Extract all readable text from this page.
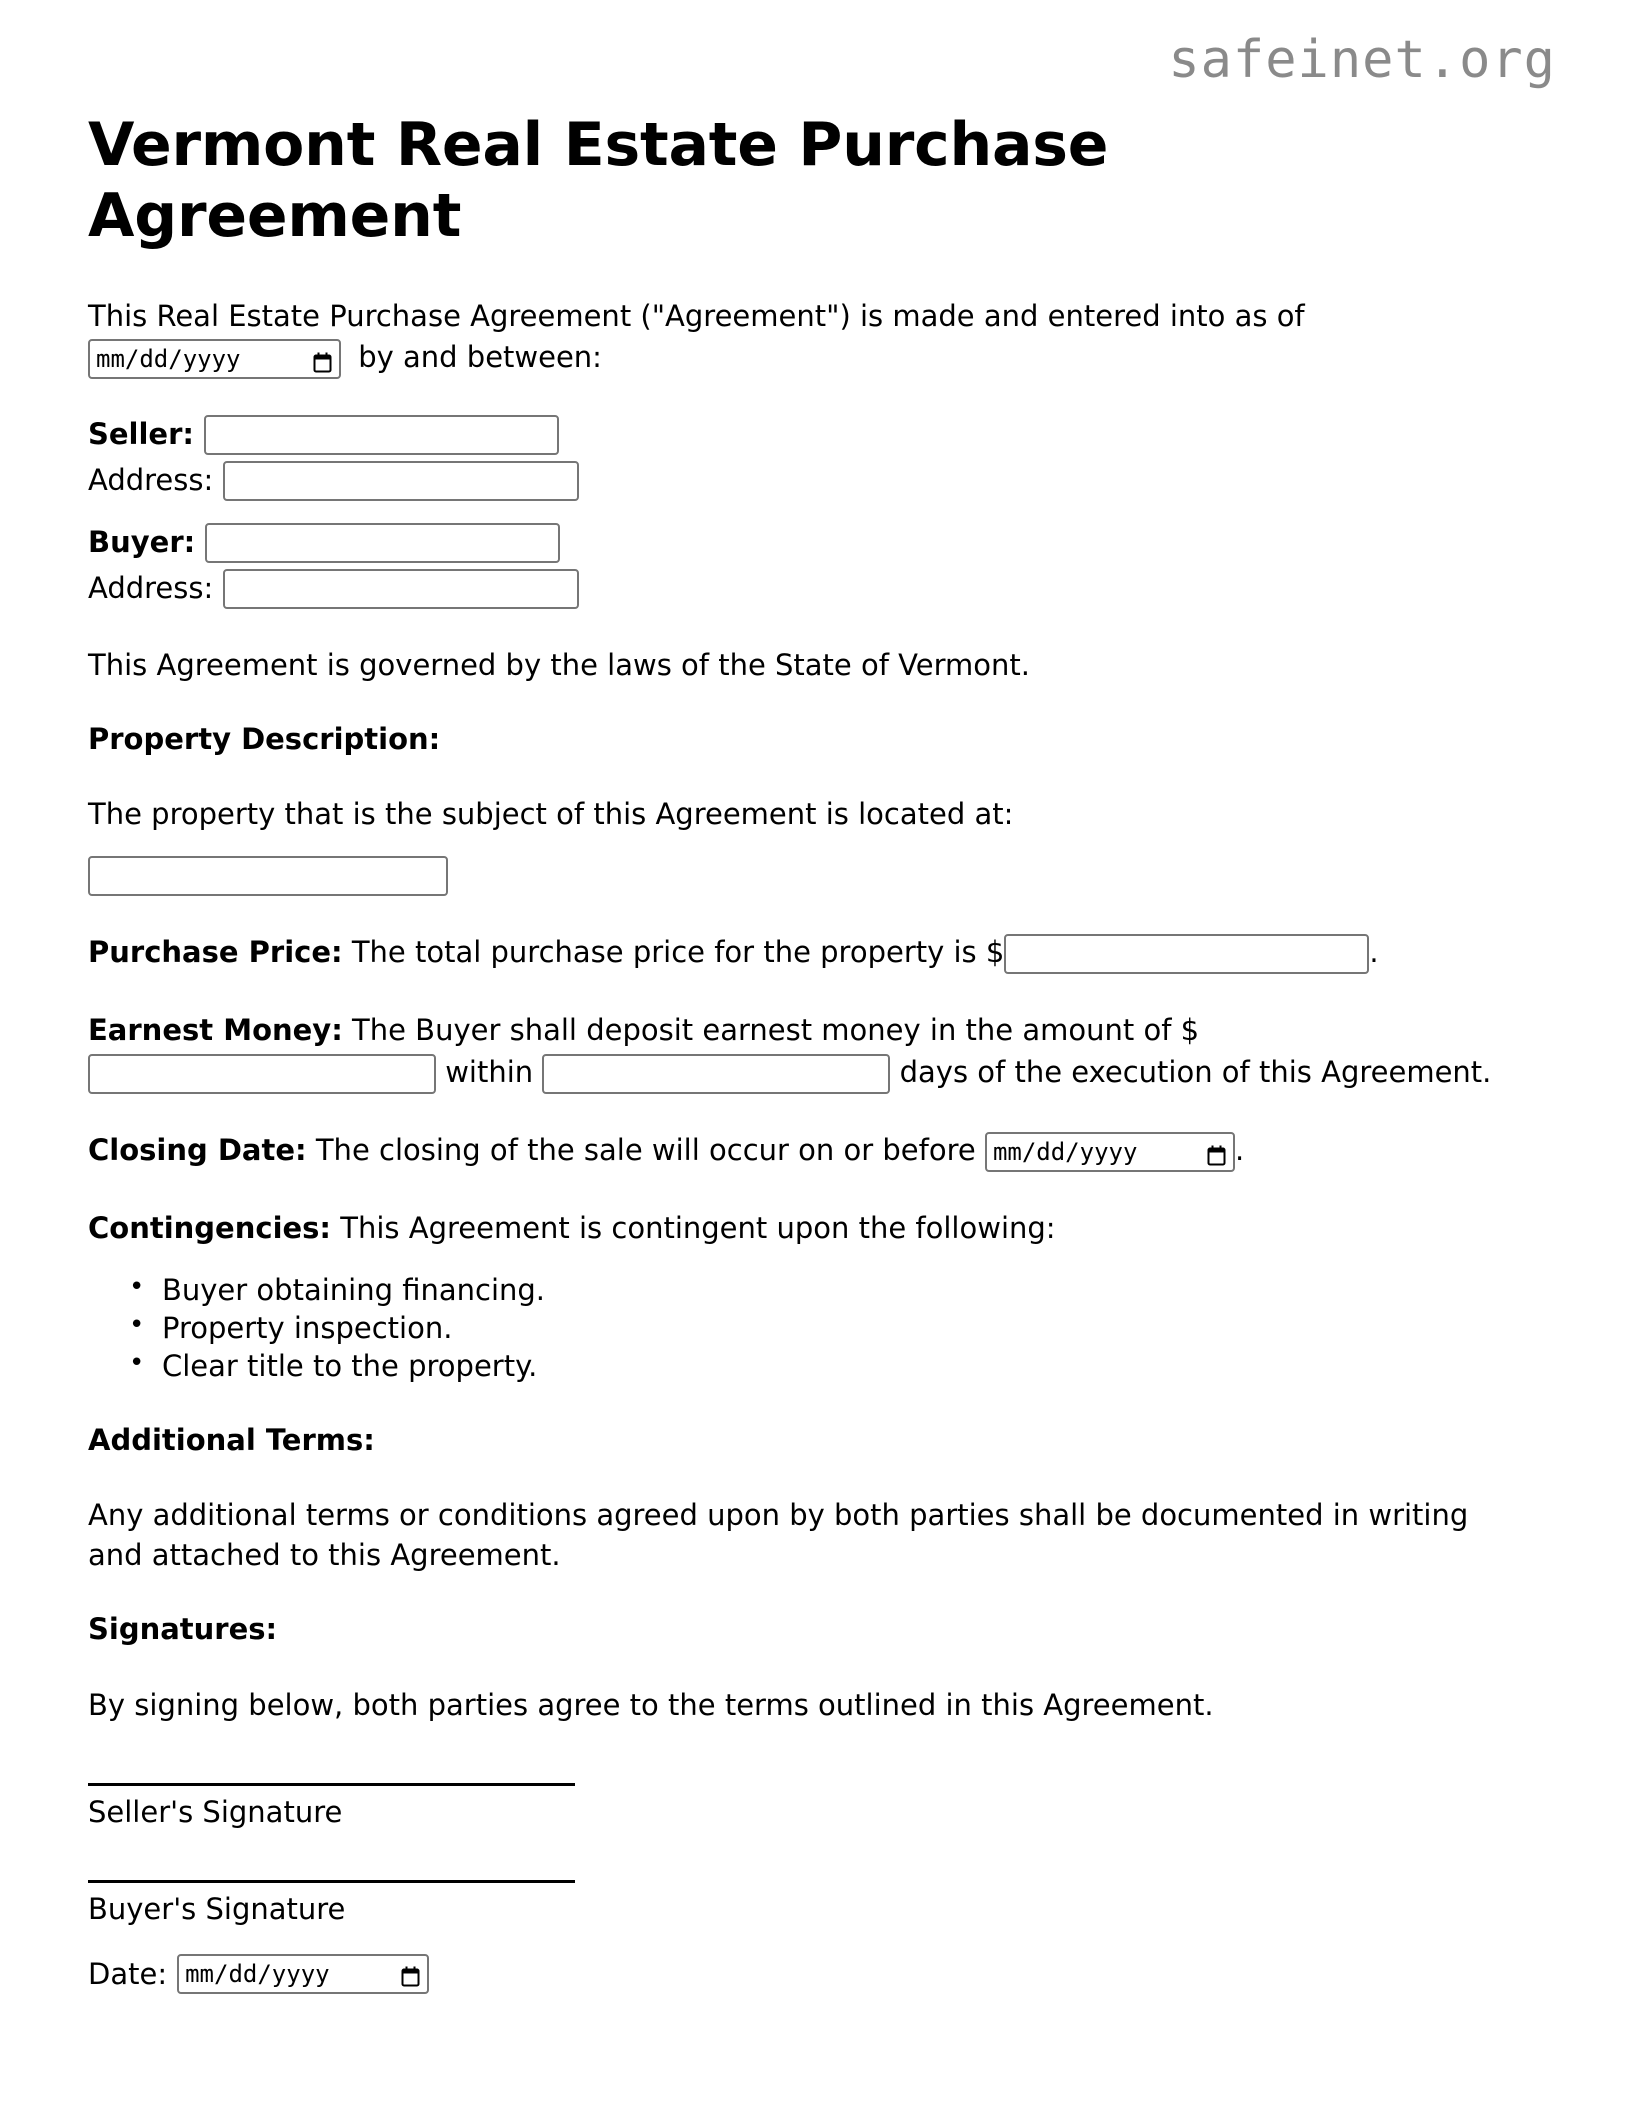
safeinet.org
Vermont Real Estate Purchase Agreement
This Real Estate Purchase Agreement ("Agreement") is made and entered into as of

mm/dd/yyyy	by and between:
Seller:
Address:
Buyer:
Address:

This Agreement is governed by the laws of the State of Vermont.

Property Description:

The property that is the subject of this Agreement is located at:

Purchase Price: The total purchase price for the property is $	.
Earnest Money: The Buyer shall deposit earnest money in the amount of $
within	days of the execution of this Agreement.
Closing Date: The closing of the sale will occur on or before mm/dd/yyyy	.
Contingencies: This Agreement is contingent upon the following:
• Buyer obtaining financing.
• Property inspection.
• Clear title to the property.
Additional Terms:

Any additional terms or conditions agreed upon by both parties shall be documented in writing and attached to this Agreement.

Signatures:

By signing below, both parties agree to the terms outlined in this Agreement.

Seller's Signature
Buyer's Signature
Date: mm/dd/yyyy
